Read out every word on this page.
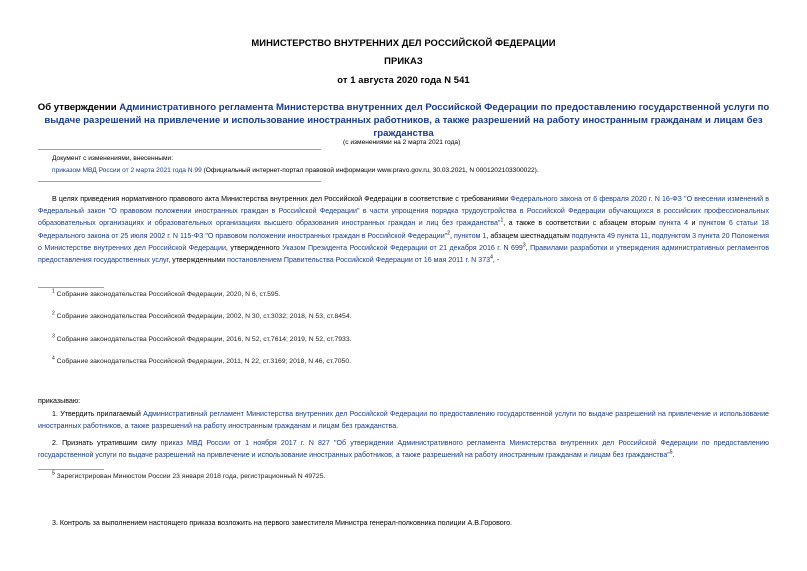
МИНИСТЕРСТВО ВНУТРЕННИХ ДЕЛ РОССИЙСКОЙ ФЕДЕРАЦИИ
ПРИКАЗ
от 1 августа 2020 года N 541
Об утверждении Административного регламента Министерства внутренних дел Российской Федерации по предоставлению государственной услуги по выдаче разрешений на привлечение и использование иностранных работников, а также разрешений на работу иностранным гражданам и лицам без гражданства
(с изменениями на 2 марта 2021 года)
Документ с изменениями, внесенными:
приказом МВД России от 2 марта 2021 года N 99 (Официальный интернет-портал правовой информации www.pravo.gov.ru, 30.03.2021, N 0001202103300022).
В целях приведения нормативного правового акта Министерства внутренних дел Российской Федерации в соответствие с требованиями Федерального закона от 6 февраля 2020 г. N 16-ФЗ "О внесении изменений в Федеральный закон "О правовом положении иностранных граждан в Российской Федерации" в части упрощения порядка трудоустройства в Российской Федерации обучающихся в российских профессиональных образовательных организациях и образовательных организациях высшего образования иностранных граждан и лиц без гражданства"$^1$, а также в соответствии с абзацем вторым пункта 4 и пунктом 6 статьи 18 Федерального закона от 25 июля 2002 г. N 115-ФЗ "О правовом положении иностранных граждан в Российской Федерации"$^2$, пунктом 1, абзацем шестнадцатым подпункта 49 пункта 11, подпунктом 3 пункта 20 Положения о Министерстве внутренних дел Российской Федерации, утвержденного Указом Президента Российской Федерации от 21 декабря 2016 г. N $699^3$, Правилами разработки и утверждения административных регламентов предоставления государственных услуг, утвержденными постановлением Правительства Российской Федерации от 16 мая 2011 г. N $373^4$, -
$^1$ Собрание законодательства Российской Федерации, 2020, N 6, ст.595.
$^2$ Собрание законодательства Российской Федерации, 2002, N 30, ст.3032; 2018, N 53, ст.8454.
$^3$ Собрание законодательства Российской Федерации, 2016, N 52, ст.7614; 2019, N 52, ст.7933.
$^4$ Собрание законодательства Российской Федерации, 2011, N 22, ст.3169; 2018, N 46, ст.7050.
приказываю:
1. Утвердить прилагаемый Административный регламент Министерства внутренних дел Российской Федерации по предоставлению государственной услуги по выдаче разрешений на привлечение и использование иностранных работников, а также разрешений на работу иностранным гражданам и лицам без гражданства.
2. Признать утратившим силу приказ МВД России от 1 ноября 2017 г. N 827 "Об утверждении Административного регламента Министерства внутренних дел Российской Федерации по предоставлению государственной услуги по выдаче разрешений на привлечение и использование иностранных работников, а также разрешений на работу иностранным гражданам и лицам без гражданства"$^5$.
$^5$ Зарегистрирован Минюстом России 23 января 2018 года, регистрационный N 49725.
3. Контроль за выполнением настоящего приказа возложить на первого заместителя Министра генерал-полковника полиции А.В.Горового.
